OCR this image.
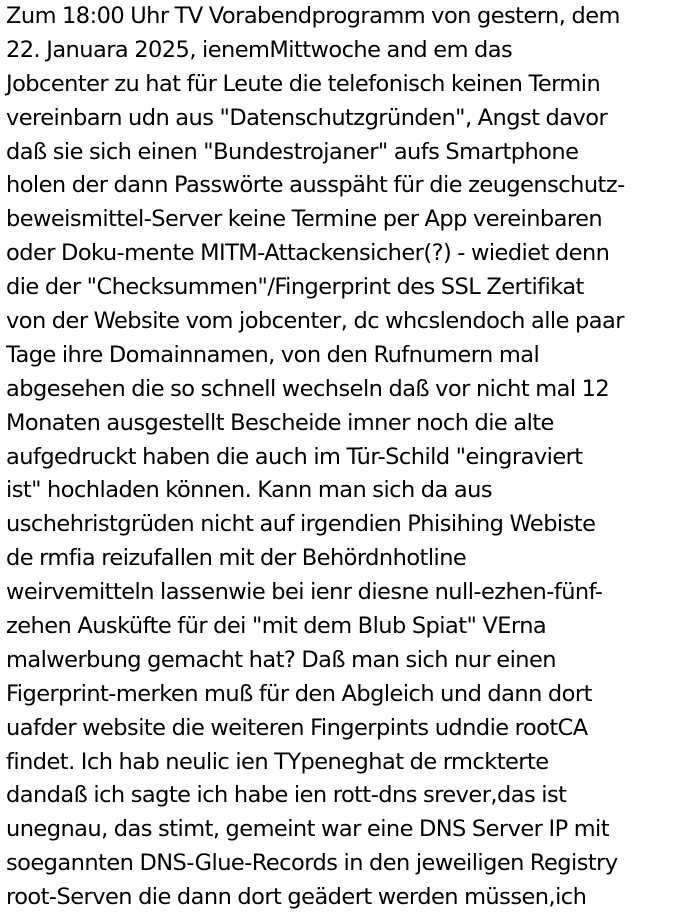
Zum 18:00 Uhr TV Vorabendprogramm von gestern, dem
22. Januara 2025, ienemMittwoche and em das
Jobcenter zu hat für Leute die telefonisch keinen Termin
vereinbarn udn aus "Datenschutzgründen", Angst davor
daß sie sich einen "Bundestrojaner" aufs Smartphone
holen der dann Passwörte ausspäht für die zeugenschutz-
beweismittel-Server keine Termine per App vereinbaren
oder Doku-mente MITM-Attackensicher(?) - wiediet denn
die der "Checksummen"/Fingerprint des SSL Zertifikat
von der Website vom jobcenter, dc whcslendoch alle paar
Tage ihre Domainnamen, von den Rufnumern mal
abgesehen die so schnell wechseln daß vor nicht mal 12
Monaten ausgestellt Bescheide imner noch die alte
aufgedruckt haben die auch im Tür-Schild "eingraviert
ist" hochladen können. Kann man sich da aus
uschehristgrüden nicht auf irgendien Phisihing Webiste
de rmfia reizufallen mit der Behördnhotline
weirvemitteln lassenwie bei ienr diesne null-ezhen-fünf-
zehen Ausküfte für dei "mit dem Blub Spiat" VErna
malwerbung gemacht hat? Daß man sich nur einen
Figerprint-merken muß für den Abgleich und dann dort
uafder website die weiteren Fingerpints udndie rootCA
findet. Ich hab neulic ien TYpeneghat de rmckterte
dandaß ich sagte ich habe ien rott-dns srever,das ist
unegnau, das stimt, gemeint war eine DNS Server IP mit
soegannten DNS-Glue-Records in den jeweiligen Registry
root-Serven die dann dort geädert werden müssen,ich
